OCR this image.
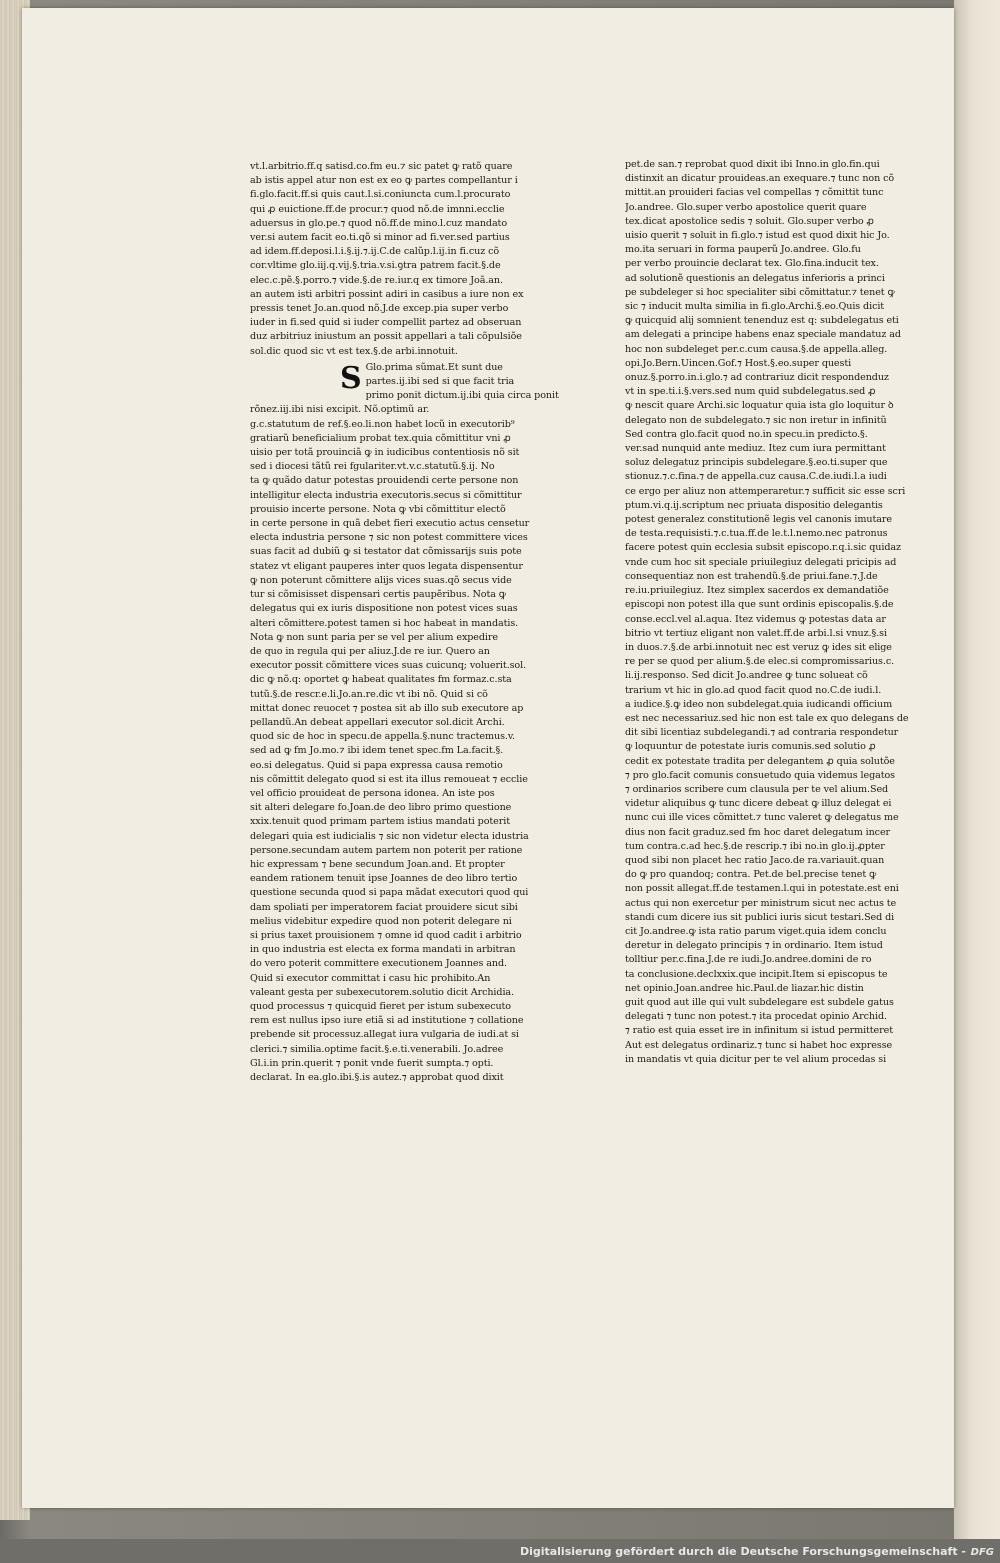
vt.l.arbitrio.ff.q satisd.co.fm eu.⁊ sic patet ꝙ ratõ quare
ab istis appel atur non est ex eo ꝙ partes compellantur i
fi.glo.facit.ff.si quis caut.l.si.coniuncta cum.l.procurato
qui ꝓ euictione.ff.de procur.⁊ quod nõ.de imnni.ecclie
aduersus in glo.pe.⁊ quod nõ.ff.de mino.l.cuz mandato
ver.si autem facit eo.ti.qõ si minor ad fi.ver.sed partius
ad idem.ff.deposi.l.i.§.ij.⁊.ij.C.de calũp.l.ij.in fi.cuz cõ
cor.vltime glo.iij.q.vij.§.tria.v.si.ꝯtra patrem facit.§.de
elec.c.pẽ.§.porro.⁊ vide.§.de re.iur.q ex timore Joã.an.
an autem isti arbitri possint adiri in casibus a iure non ex
pressis tenet Jo.an.quod nõ.J.de excep.pia super verbo
iuder in fi.sed quid si iuder compellit partez ad obseruan
duz arbitriuz iniustum an possit appellari a tali cõpulsiõe
sol.dic quod sic vt est tex.§.de arbi.innotuit.
S Glo.prima sũmat.Et sunt due
partes.ij.ibi sed si que facit tria
primo ponit dictum.ij.ibi quia circa ponit
rõnez.iij.ibi nisi excipit. Nõ.optimũ ar.
g.c.statutum de ref.§.eo.li.non habet locũ in executorib⁹
gratiarũ beneficialium probat tex.quia cõmittitur vni ꝓ
uisio per totã prouinciã ꝙ in iudicibus contentiosis nõ sit
sed i diocesi tãtũ rei fgulariter.vt.v.c.statutũ.§.ij. No
ta ꝙ quãdo datur potestas prouidendi certe persone non
intelligitur electa industria executoris.secus si cõmittitur
prouisio incerte persone. Nota ꝙ vbi cõmittitur electõ
in certe persone in quã debet fieri executio actus censetur
electa industria persone ⁊ sic non potest committere vices
suas facit ad dubiũ ꝙ si testator dat cõmissarijs suis pote
statez vt eligant pauperes inter quos legata dispensentur
ꝙ non poterunt cõmittere alijs vices suas.qõ secus vide
tur si cõmisisset dispensari certis paupẽribus. Nota ꝙ
delegatus qui ex iuris dispositione non potest vices suas
alteri cõmittere.potest tamen si hoc habeat in mandatis.
Nota ꝙ non sunt paria per se vel per alium expedire
de quo in regula qui per aliuz.J.de re iur. Quero an
executor possit cõmittere vices suas cuicunq; voluerit.sol.
dic ꝙ nõ.q: oportet ꝙ habeat qualitates fm formaz.c.sta
tutũ.§.de rescr.e.li.Jo.an.re.dic vt ibi nõ. Quid si cõ
mittat donec reuocet ⁊ postea sit ab illo sub executore ap
pellandũ.An debeat appellari executor sol.dicit Archi.
quod sic de hoc in specu.de appella.§.nunc tractemus.v.
sed ad ꝙ fm Jo.mo.⁊ ibi idem tenet spec.fm La.facit.§.
eo.si delegatus. Quid si papa expressa causa remotio
nis cõmittit delegato quod si est ita illus remoueat ⁊ ecclie
vel officio prouideat de persona idonea. An iste pos
sit alteri delegare fo.Joan.de deo libro primo questione
xxix.tenuit quod primam partem istius mandati poterit
delegari quia est iudicialis ⁊ sic non videtur electa idustria
persone.secundam autem partem non poterit per ratione
hic expressam ⁊ bene secundum Joan.and. Et propter
eandem rationem tenuit ipse Joannes de deo libro tertio
questione secunda quod si papa mãdat executori quod qui
dam spoliati per imperatorem faciat prouidere sicut sibi
melius videbitur expedire quod non poterit delegare ni
si prius taxet prouisionem ⁊ omne id quod cadit i arbitrio
in quo industria est electa ex forma mandati in arbitran
do vero poterit committere executionem Joannes and.
Quid si executor committat i casu hic prohibito.An
valeant gesta per subexecutorem.solutio dicit Archidia.
quod processus ⁊ quicquid fieret per istum subexecuto
rem est nullus ipso iure etiã si ad institutione ⁊ collatione
prebende sit processuz.allegat iura vulgaria de iudi.at si
clerici.⁊ similia.optime facit.§.e.ti.venerabili. Jo.adree
Gl.i.in prin.querit ⁊ ponit vnde fuerit sumpta.⁊ opti.
declarat. In ea.glo.ibi.§.is autez.⁊ approbat quod dixit
pet.de san.⁊ reprobat quod dixit ibi Inno.in glo.fin.qui
distinxit an dicatur prouideas.an exequare.⁊ tunc non cõ
mittit.an prouideri facias vel compellas ⁊ cõmittit tunc
Jo.andree. Glo.super verbo apostolice querit quare
tex.dicat apostolice sedis ⁊ soluit. Glo.super verbo ꝓ
uisio querit ⁊ soluit in fi.glo.⁊ istud est quod dixit hic Jo.
mo.ita seruari in forma pauperũ Jo.andree. Glo.fu
per verbo prouincie declarat tex. Glo.fina.inducit tex.
ad solutionẽ questionis an delegatus inferioris a princi
pe subdeleger si hoc specialiter sibi cõmittatur.⁊ tenet ꝙ
sic ⁊ inducit multa similia in fi.glo.Archi.§.eo.Quis dicit
ꝙ quicquid alij somnient tenenduz est q: subdelegatus eti
am delegati a principe habens enaz speciale mandatuz ad
hoc non subdeleget per.c.cum causa.§.de appella.alleg.
opi.Jo.Bern.Uincen.Gof.⁊ Host.§.eo.super questi
onuz.§.porro.in.i.glo.⁊ ad contrariuz dicit respondenduz
vt in spe.ti.i.§.vers.sed num quid subdelegatus.sed ꝓ
ꝙ nescit quare Archi.sic loquatur quia ista glo loquitur ꝺ
delegato non de subdelegato.⁊ sic non iretur in infinitũ
Sed contra glo.facit quod no.in specu.in predicto.§.
ver.sad nunquid ante mediuz. Itez cum iura permittant
soluz delegatuz principis subdelegare.§.eo.ti.super que
stionuz.⁊.c.fina.⁊ de appella.cuz causa.C.de.iudi.l.a iudi
ce ergo per aliuz non attemperaretur.⁊ sufficit sic esse scri
ptum.vi.q.ij.scriptum nec priuata dispositio delegantis
potest generalez constitutionẽ legis vel canonis imutare
de testa.requisisti.⁊.c.tua.ff.de le.t.l.nemo.nec patronus
facere potest quin ecclesia subsit episcopo.r.q.i.sic quidaz
vnde cum hoc sit speciale priuilegiuz delegati pricipis ad
consequentiaz non est trahendũ.§.de priui.fane.⁊.J.de
re.iu.priuilegiuz. Itez simplex sacerdos ex demandatiõe
episcopi non potest illa que sunt ordinis episcopalis.§.de
conse.eccl.vel al.aqua. Itez videmus ꝙ potestas data ar
bitrio vt tertiuz eligant non valet.ff.de arbi.l.si vnuz.§.si
in duos.⁊.§.de arbi.innotuit nec est veruz ꝙ ides sit elige
re per se quod per alium.§.de elec.si compromissarius.c.
li.ij.responso. Sed dicit Jo.andree ꝙ tunc solueat cõ
trarium vt hic in glo.ad quod facit quod no.C.de iudi.l.
a iudice.§.ꝙ ideo non subdelegat.quia iudicandi officium
est nec necessariuz.sed hic non est tale ex quo delegans de
dit sibi licentiaz subdelegandi.⁊ ad contraria respondetur
ꝙ loquuntur de potestate iuris comunis.sed solutio ꝓ
cedit ex potestate tradita per delegantem ꝓ quia solutõe
⁊ pro glo.facit comunis consuetudo quia videmus legatos
⁊ ordinarios scribere cum clausula per te vel alium.Sed
videtur aliquibus ꝙ tunc dicere debeat ꝙ illuz delegat ei
nunc cui ille vices cõmittet.⁊ tunc valeret ꝙ delegatus me
dius non facit graduz.sed fm hoc daret delegatum incer
tum contra.c.ad hec.§.de rescrip.⁊ ibi no.in glo.ij.ꝓpter
quod sibi non placet hec ratio Jaco.de ra.variauit.quan
do ꝙ pro quandoq; contra. Pet.de bel.precise tenet ꝙ
non possit allegat.ff.de testamen.l.qui in potestate.est eni
actus qui non exercetur per ministrum sicut nec actus te
standi cum dicere ius sit publici iuris sicut testari.Sed di
cit Jo.andree.ꝙ ista ratio parum viget.quia idem conclu
deretur in delegato principis ⁊ in ordinario. Item istud
tolltiur per.c.fina.J.de re iudi.Jo.andree.domini de ro
ta conclusione.declxxix.que incipit.Item si episcopus te
net opinio.Joan.andree hic.Paul.de liazar.hic distin
guit quod aut ille qui vult subdelegare est subdele gatus
delegati ⁊ tunc non potest.⁊ ita procedat opinio Archid.
⁊ ratio est quia esset ire in infinitum si istud permitteret
Aut est delegatus ordinariz.⁊ tunc si habet hoc expresse
in mandatis vt quia dicitur per te vel alium procedas si
Digitalisierung gefördert durch die Deutsche Forschungsgemeinschaft - DFG
